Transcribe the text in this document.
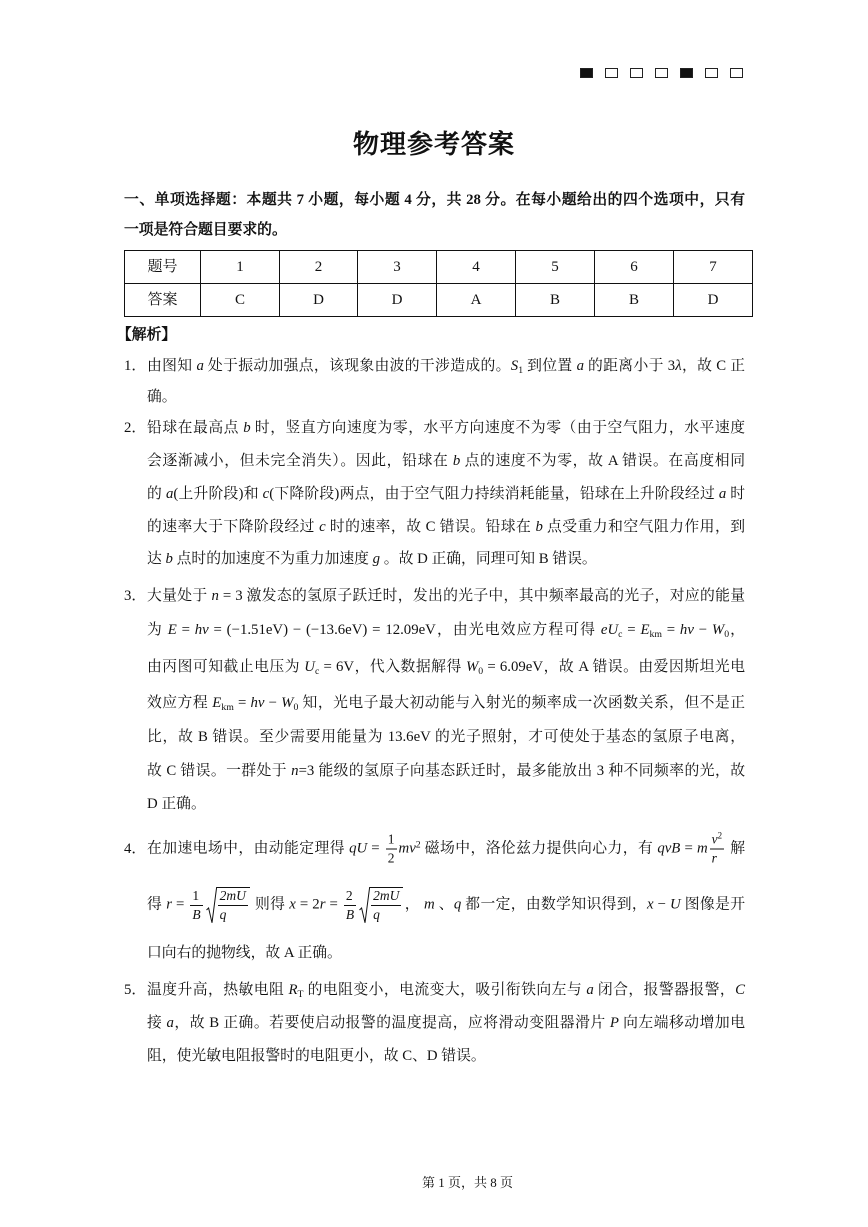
物理参考答案
一、单项选择题：本题共 7 小题，每小题 4 分，共 28 分。在每小题给出的四个选项中，只有
一项是符合题目要求的。
题号	1	2	3	4	5	6	7
答案	C	D	D	A	B	B	D
【解析】
1． 由图知 a 处于振动加强点，该现象由波的干涉造成的。$S_1$ 到位置 a 的距离小于 3λ，故 C 正
确。
2． 铅球在最高点 b 时，竖直方向速度为零，水平方向速度不为零（由于空气阻力，水平速度
会逐渐减小，但未完全消失）。因此，铅球在 b 点的速度不为零，故 A 错误。在高度相同
的 a(上升阶段)和 c(下降阶段)两点，由于空气阻力持续消耗能量，铅球在上升阶段经过 a 时
的速率大于下降阶段经过 c 时的速率，故 C 错误。铅球在 b 点受重力和空气阻力作用，到
达 b 点时的加速度不为重力加速度 g 。故 D 正确，同理可知 B 错误。
3． 大量处于 n = 3 激发态的氢原子跃迁时，发出的光子中，其中频率最高的光子，对应的能量
为 E = hν = (−1.51eV) − (−13.6eV) = 12.09eV，由光电效应方程可得 $eU_c = E_{km} = h\nu - W_0$，
由丙图可知截止电压为 $U_c = 6V$，代入数据解得 $W_0 = 6.09eV$，故 A 错误。由爱因斯坦光电
效应方程 $E_{km} = h\nu - W_0$ 知，光电子最大初动能与入射光的频率成一次函数关系，但不是正
比，故 B 错误。至少需要用能量为 13.6eV 的光子照射，才可使处于基态的氢原子电离，
故 C 错误。一群处于 n=3 能级的氢原子向基态跃迁时，最多能放出 3 种不同频率的光，故
D 正确。
4． 在加速电场中，由动能定理得 qU = $\frac{1}{2} mv^2$ 磁场中，洛伦兹力提供向心力，有 qvB = m $\frac{v^2}{r}$ 解
得 $r = \frac{1}{B} \frac{2mU}{q}$ 则得 $x = 2r = \frac{2}{B} \frac{2mU}{q}$ ， m 、q 都一定，由数学知识得到，x − U 图像是开
口向右的抛物线，故 A 正确。
5． 温度升高，热敏电阻 $R_T$ 的电阻变小，电流变大，吸引衔铁向左与 a 闭合，报警器报警，C
接 a，故 B 正确。若要使启动报警的温度提高，应将滑动变阻器滑片 P 向左端移动增加电
阻，使光敏电阻报警时的电阻更小，故 C、D 错误。
第 1 页，共 8 页
